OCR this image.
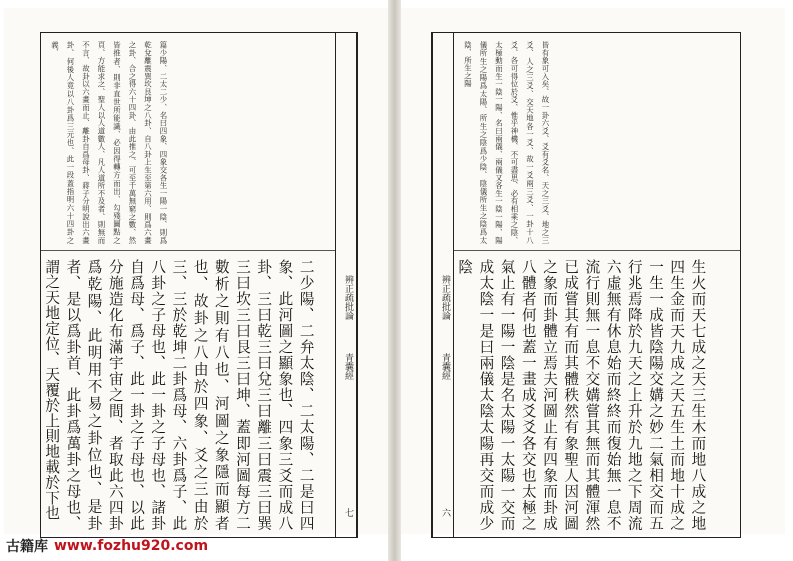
篇少陽、二太二少、名曰四象、四象交各生一陽一陰、則爲乾兌離震巽坎艮坤之八卦、自八卦上生至第六用、則爲六畫之卦、合之得六十四卦、由此推之、可至千萬無窮之數、然皆推者、則非直世所能識、必因得轉方而出、勾殘圖點之頁、方能求之、聖人以人道數人、凡人道所不及者、則無而不言、故卦以六畫而止、離卦自爲母卦、蔣子分明說出六畫卦、何後人竟以八卦爲三元也、此一段蓋指明六十四卦之義、
二少陽、二弁太陰、二太陽、二是曰四象、此河圖之顯象也、四象三爻而成八卦、三曰乾三曰兌三曰離三曰震三曰巽三曰坎三曰艮三曰坤、蓋即河圖每方二數析之則有八也、河圖之象隱而顯者也、故卦之八由於四象、爻之三由於三、三於乾坤二卦爲母、六卦爲子、此八卦之子母也、此一卦之子母也、諸卦自爲母、爲子、此一卦之子母也、以此分施造化布滿宇宙之間、者取此六四卦爲乾陽、此明用不易之卦位也、是卦者、是以爲卦首、此卦爲萬卦之母也、謂之天地定位、天覆於上則地載於下也	辨正疏批論
青囊經
七
辨正疏批論
青囊經
六
皆有象可入矣、故一卦六爻、爻有爻名、天之三爻、地之三爻、人之三爻、交天地各一爻、故一爻兩三爻、一卦十八爻、各可得位於爻、惟乎神機、不可盡思、必有相乘之陰、太極動而生一陰一陽、名曰兩儀、兩儀又各生一陰一陽、陽儀所生之陽爲太陽、所生之陰爲少陰、陰儀所生之陰爲太陰、所生之陽
生火而天七成之天三生木而地八成之地四生金而天九成之天五生土而地十成之一生一成皆陰陽交媾之妙二氣相交而五行兆焉降於九天之上升於九地之下周流六虛無有休息始而終終而復始無一息不流行則無一息不交媾嘗其無而其體渾然已成嘗其有而其體秩然有象聖人因河圖之象而卦體立焉夫河圖止有四象而卦成八體者何也蓋一畫成爻爻各交也太極之氣止有一陽一陰是名太陽一太陽一交而成太陰一是曰兩儀太陰太陽再交而成少陰
古籍库 www.fozhu920.com
